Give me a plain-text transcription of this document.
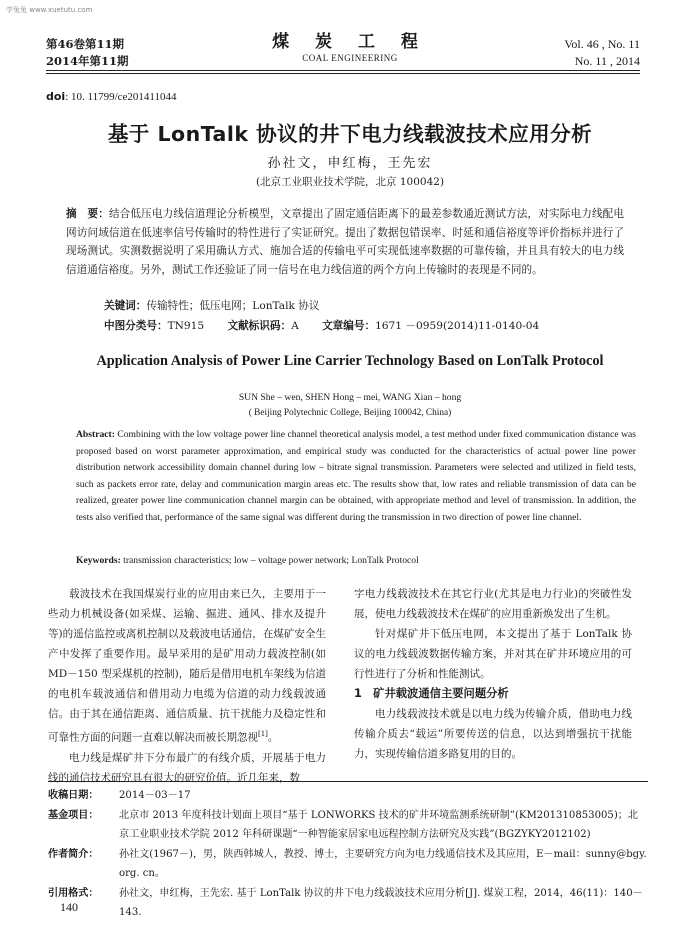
学兔兔 www.xuetutu.com
第46卷第11期
2014年第11期
煤 炭 工 程
COAL ENGINEERING
Vol. 46 , No. 11
No. 11 , 2014
doi: 10. 11799/ce201411044
基于 LonTalk 协议的井下电力线载波技术应用分析
孙社文，申红梅，王先宏
(北京工业职业技术学院，北京 100042)
摘　要：结合低压电力线信道理论分析模型，文章提出了固定通信距离下的最差参数通近测试方法，对实际电力线配电网访问域信道在低速率信号传输时的特性进行了实证研究。提出了数据包错误率、时延和通信裕度等评价指标并进行了现场测试。实测数据说明了采用确认方式、施加合适的传输电平可实现低速率数据的可靠传输，并且具有较大的电力线信道通信裕度。另外，测试工作还验证了同一信号在电力线信道的两个方向上传输时的表现是不同的。
关键词：传输特性；低压电网；LonTalk 协议
中图分类号：TN915 文献标识码：A 文章编号：1671 －0959(2014)11-0140-04
Application Analysis of Power Line Carrier Technology Based on LonTalk Protocol
SUN She – wen, SHEN Hong – mei, WANG Xian – hong
( Beijing Polytechnic College, Beijing 100042, China)
Abstract: Combining with the low voltage power line channel theoretical analysis model, a test method under fixed communication distance was proposed based on worst parameter approximation, and empirical study was conducted for the characteristics of actual power line power distribution network accessibility domain channel during low – bitrate signal transmission. Parameters were selected and utilized in field tests, such as packets error rate, delay and communication margin areas etc. The results show that, low rates and reliable transmission of data can be realized, greater power line communication channel margin can be obtained, with appropriate method and level of transmission. In addition, the tests also verified that, performance of the same signal was different during the transmission in two direction of power line channel.
Keywords: transmission characteristics; low – voltage power network; LonTalk Protocol

载波技术在我国煤炭行业的应用由来已久，主要用于一些动力机械设备(如采煤、运输、掘进、通风、排水及提升等)的遥信监控或离机控制以及载波电话通信，在煤矿安全生产中发挥了重要作用。最早采用的是矿用动力载波控制(如 MD－150 型采煤机的控制)，随后是借用电机车架线为信道的电机车载波通信和借用动力电缆为信道的动力线载波通信。由于其在通信距离、通信质量、抗干扰能力及稳定性和可靠性方面的问题一直难以解决而被长期忽视[1]。

电力线是煤矿井下分布最广的有线介质，开展基于电力线的通信技术研究具有很大的研究价值。近几年来，数

字电力线载波技术在其它行业(尤其是电力行业)的突破性发展，使电力线载波技术在煤矿的应用重新焕发出了生机。

针对煤矿井下低压电网，本文提出了基于 LonTalk 协议的电力线载波数据传输方案，并对其在矿井环境应用的可行性进行了分析和性能测试。

1　矿井载波通信主要问题分析

电力线载波技术就是以电力线为传输介质，借助电力线传输介质去“载运”所要传送的信息，以达到增强抗干扰能力，实现传输信道多路复用的目的。

收稿日期：	2014－03－17
基金项目：	北京市 2013 年度科技计划面上项目“基于 LONWORKS 技术的矿井环境监测系统研制”(KM201310853005)；北京工业职业技术学院 2012 年科研课题“一种智能家居家电远程控制方法研究及实践”(BGZYKY2012102)
作者简介：	孙社文(1967－)，男，陕西韩城人，教授、博士，主要研究方向为电力线通信技术及其应用，E－mail：sunny@bgy. org. cn。
引用格式：	孙社文，申红梅，王先宏. 基于 LonTalk 协议的井下电力线载波技术应用分析[J]. 煤炭工程，2014，46(11)：140－143.
140
